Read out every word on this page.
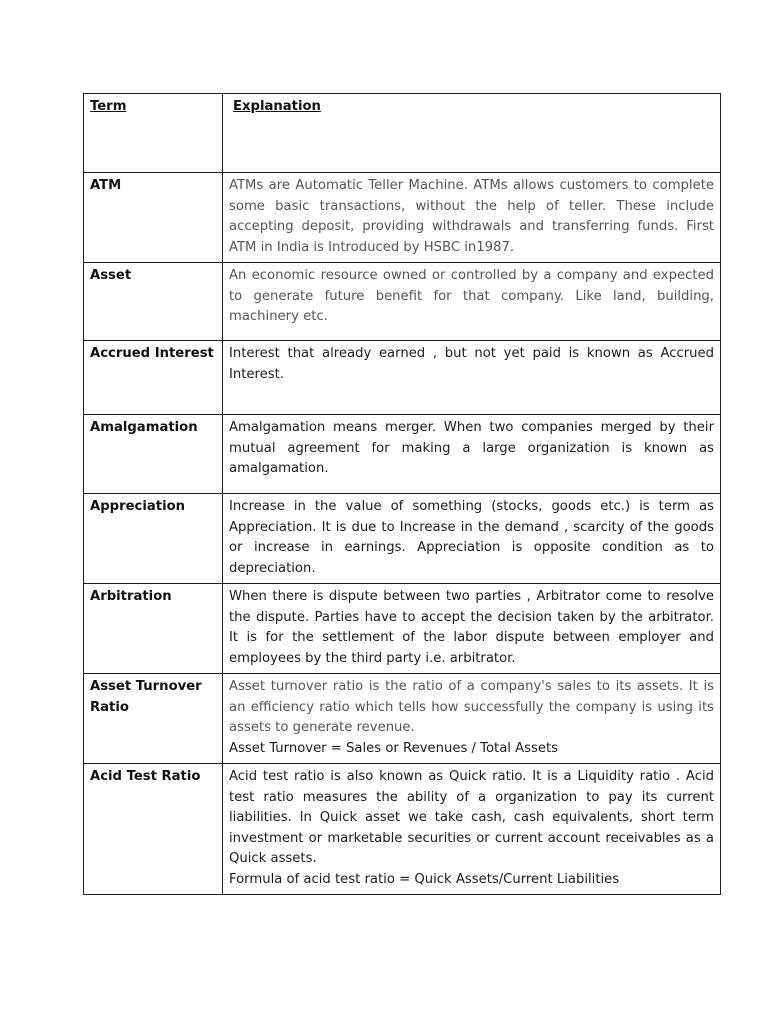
Term	Explanation
ATM	ATMs are Automatic Teller Machine. ATMs allows customers to complete some basic transactions, without the help of teller. These include accepting deposit, providing withdrawals and transferring funds. First ATM in India is Introduced by HSBC in1987.

Asset	An economic resource owned or controlled by a company and expected to generate future benefit for that company. Like land, building, machinery etc.

Accrued Interest	Interest that already earned , but not yet paid is known as Accrued Interest.

Amalgamation	Amalgamation means merger. When two companies merged by their mutual agreement for making a large organization is known as amalgamation.

Appreciation	Increase in the value of something (stocks, goods etc.) is term as Appreciation. It is due to Increase in the demand , scarcity of the goods or increase in earnings. Appreciation is opposite condition as to depreciation.

Arbitration	When there is dispute between two parties , Arbitrator come to resolve the dispute. Parties have to accept the decision taken by the arbitrator. It is for the settlement of the labor dispute between employer and employees by the third party i.e. arbitrator.

Asset Turnover Ratio	Asset turnover ratio is the ratio of a company's sales to its assets. It is an efficiency ratio which tells how successfully the company is using its assets to generate revenue.
Asset Turnover = Sales or Revenues / Total Assets

Acid Test Ratio	Acid test ratio is also known as Quick ratio. It is a Liquidity ratio . Acid test ratio measures the ability of a organization to pay its current liabilities. In Quick asset we take cash, cash equivalents, short term investment or marketable securities or current account receivables as a Quick assets.
Formula of acid test ratio = Quick Assets/Current Liabilities
